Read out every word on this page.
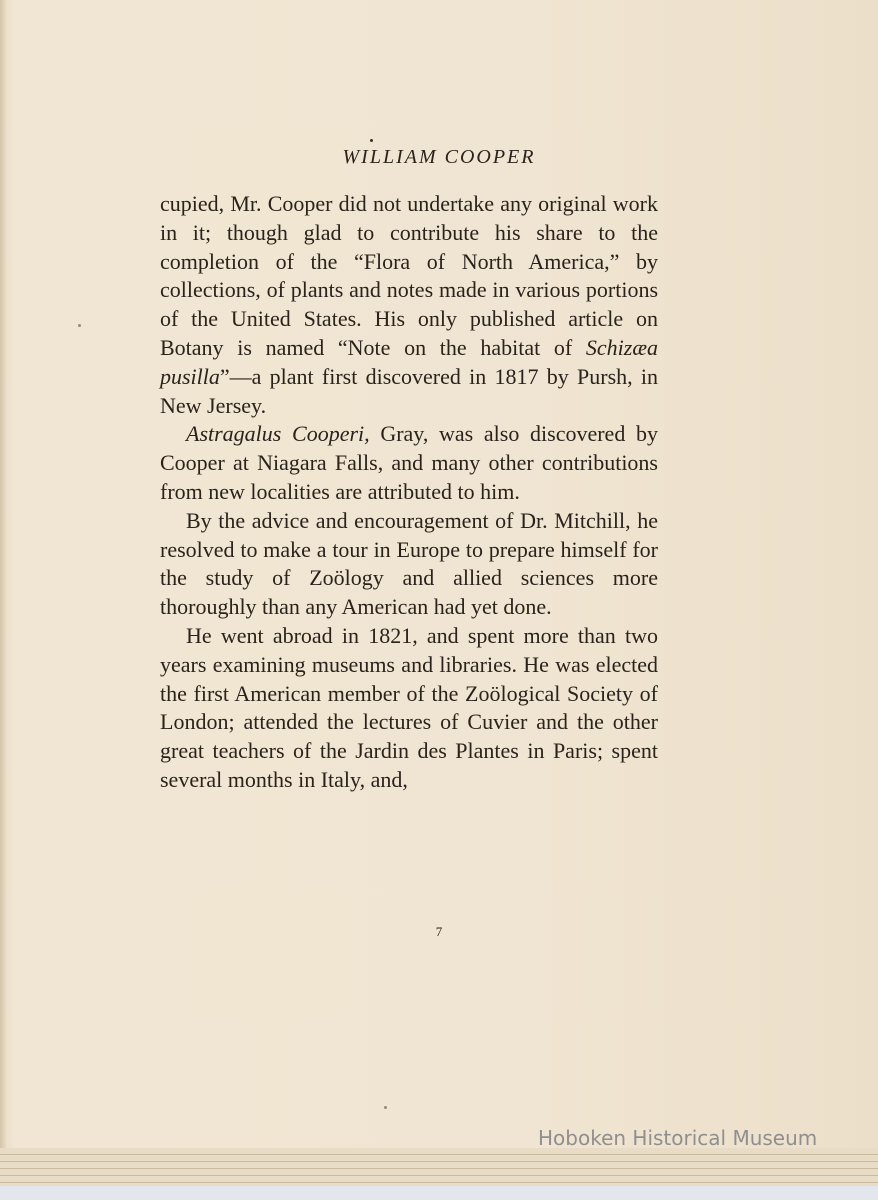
WILLIAM COOPER

cupied, Mr. Cooper did not undertake any original work in it; though glad to contribute his share to the completion of the “Flora of North America,” by collections, of plants and notes made in various portions of the United States. His only published article on Botany is named “Note on the habitat of Schizæa pusilla”—a plant first discovered in 1817 by Pursh, in New Jersey.

Astragalus Cooperi, Gray, was also discovered by Cooper at Niagara Falls, and many other contributions from new localities are attributed to him.

By the advice and encouragement of Dr. Mitchill, he resolved to make a tour in Europe to prepare himself for the study of Zoölogy and allied sciences more thoroughly than any American had yet done.

He went abroad in 1821, and spent more than two years examining museums and libraries. He was elected the first American member of the Zoölogical Society of London; attended the lectures of Cuvier and the other great teachers of the Jardin des Plantes in Paris; spent several months in Italy, and,

7
Hoboken Historical Museum
